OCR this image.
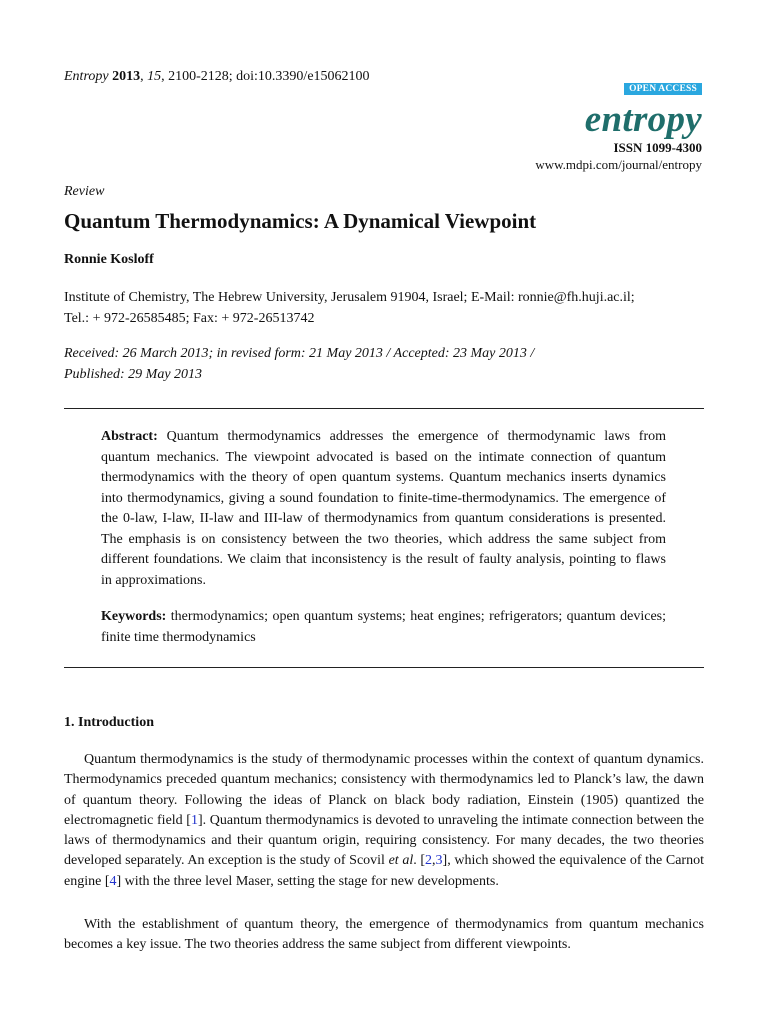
Entropy 2013, 15, 2100-2128; doi:10.3390/e15062100
OPEN ACCESS
entropy
ISSN 1099-4300
www.mdpi.com/journal/entropy
Review
Quantum Thermodynamics: A Dynamical Viewpoint
Ronnie Kosloff
Institute of Chemistry, The Hebrew University, Jerusalem 91904, Israel; E-Mail: ronnie@fh.huji.ac.il;
Tel.: + 972-26585485; Fax: + 972-26513742
Received: 26 March 2013; in revised form: 21 May 2013 / Accepted: 23 May 2013 /
Published: 29 May 2013
Abstract: Quantum thermodynamics addresses the emergence of thermodynamic laws from quantum mechanics. The viewpoint advocated is based on the intimate connection of quantum thermodynamics with the theory of open quantum systems. Quantum mechanics inserts dynamics into thermodynamics, giving a sound foundation to finite-time-thermodynamics. The emergence of the 0-law, I-law, II-law and III-law of thermodynamics from quantum considerations is presented. The emphasis is on consistency between the two theories, which address the same subject from different foundations. We claim that inconsistency is the result of faulty analysis, pointing to flaws in approximations.
Keywords: thermodynamics; open quantum systems; heat engines; refrigerators; quantum devices; finite time thermodynamics
1. Introduction
Quantum thermodynamics is the study of thermodynamic processes within the context of quantum dynamics. Thermodynamics preceded quantum mechanics; consistency with thermodynamics led to Planck’s law, the dawn of quantum theory. Following the ideas of Planck on black body radiation, Einstein (1905) quantized the electromagnetic field [1]. Quantum thermodynamics is devoted to unraveling the intimate connection between the laws of thermodynamics and their quantum origin, requiring consistency. For many decades, the two theories developed separately. An exception is the study of Scovil et al. [2,3], which showed the equivalence of the Carnot engine [4] with the three level Maser, setting the stage for new developments.
With the establishment of quantum theory, the emergence of thermodynamics from quantum mechanics becomes a key issue. The two theories address the same subject from different viewpoints.
